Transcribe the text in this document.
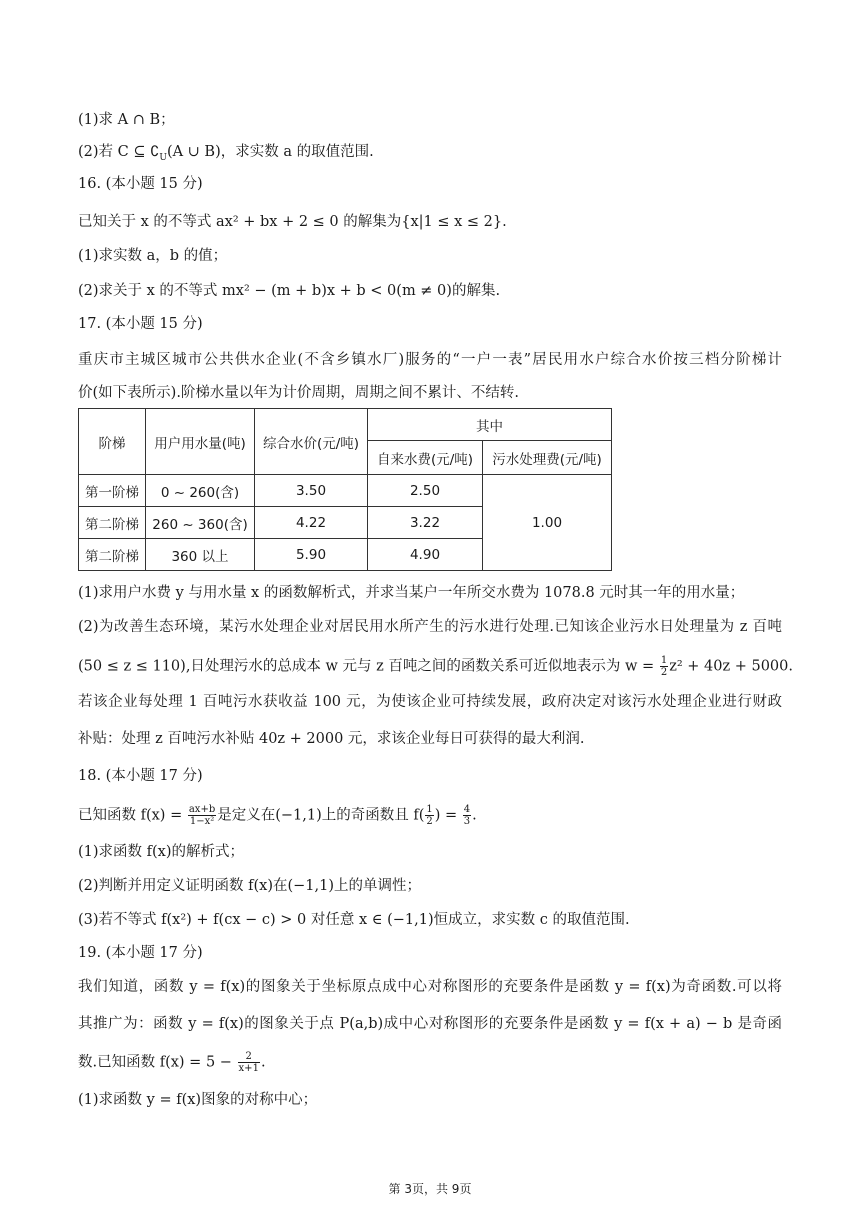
(1)求 A ∩ B；
(2)若 C ⊆ $∁_U(A$ ∪ B)，求实数 a 的取值范围.
16. (本小题 15 分)
已知关于 x 的不等式 ax² + bx + 2 ≤ 0 的解集为{x|1 ≤ x ≤ 2}.
(1)求实数 a，b 的值；
(2)求关于 x 的不等式 mx² − (m + b)x + b < 0(m ≠ 0)的解集.
17. (本小题 15 分)
重庆市主城区城市公共供水企业(不含乡镇水厂)服务的“一户一表”居民用水户综合水价按三档分阶梯计
价(如下表所示).阶梯水量以年为计价周期，周期之间不累计、不结转.
阶梯	用户用水量(吨)	综合水价(元/吨)	其中	
			自来水费(元/吨)	污水处理费(元/吨)
第一阶梯	0 ~ 260(含)	3.50	2.50	1.00
第二阶梯	260 ~ 360(含)	4.22	3.22	
第二阶梯	360 以上	5.90	4.90	
(1)求用户水费 y 与用水量 x 的函数解析式，并求当某户一年所交水费为 1078.8 元时其一年的用水量；
(2)为改善生态环境，某污水处理企业对居民用水所产生的污水进行处理.已知该企业污水日处理量为 z 百吨
(50 ≤ z ≤ 110),日处理污水的总成本 w 元与 z 百吨之间的函数关系可近似地表示为 $w = \frac{1}{2} z^2 + 40z + 5000$.
若该企业每处理 1 百吨污水获收益 100 元，为使该企业可持续发展，政府决定对该污水处理企业进行财政
补贴：处理 z 百吨污水补贴 40z + 2000 元，求该企业每日可获得的最大利润.
18. (本小题 17 分)
已知函数 $f(x) = \frac{ax+b}{\text{1−x²}}$ 是定义在(−1,1)上的奇函数且 $f( \frac{1}{2}$ ) = $\frac{4}{3}$ .
(1)求函数 f(x)的解析式；
(2)判断并用定义证明函数 f(x)在(−1,1)上的单调性；
(3)若不等式 f(x²) + f(cx − c) > 0 对任意 x ∈ (−1,1)恒成立，求实数 c 的取值范围.
19. (本小题 17 分)
我们知道，函数 y = f(x)的图象关于坐标原点成中心对称图形的充要条件是函数 y = f(x)为奇函数.可以将
其推广为：函数 y = f(x)的图象关于点 P(a,b)成中心对称图形的充要条件是函数 y = f(x + a) − b 是奇函
数.已知函数 $f(x) = 5 - \frac{2}{x+1}$ .
(1)求函数 y = f(x)图象的对称中心；
第 3页，共 9页
